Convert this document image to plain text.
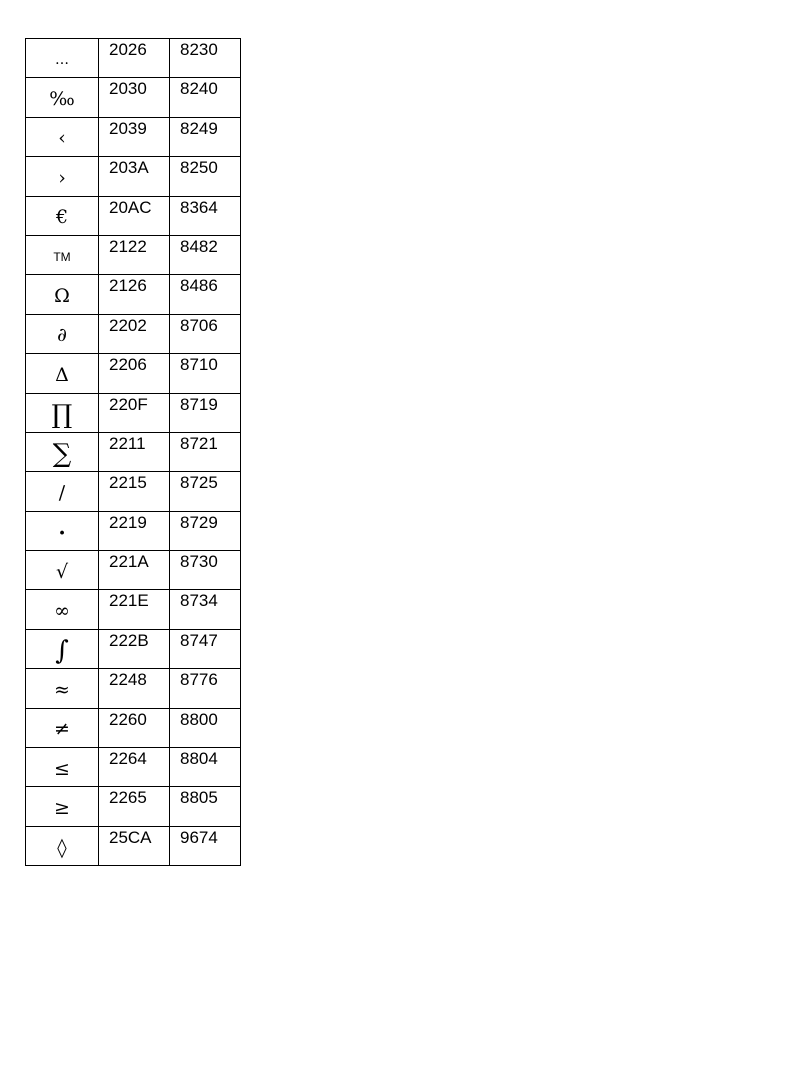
…	2026	8230
‰	2030	8240
‹	2039	8249
›	203A	8250
€	20AC	8364
TM	2122	8482
Ω	2126	8486
∂	2202	8706
Δ	2206	8710
∏	220F	8719
∑	2211	8721
∕	2215	8725
∙	2219	8729
√	221A	8730
∞	221E	8734
∫	222B	8747
≈	2248	8776
≠	2260	8800
≤	2264	8804
≥	2265	8805
◊	25CA	9674
